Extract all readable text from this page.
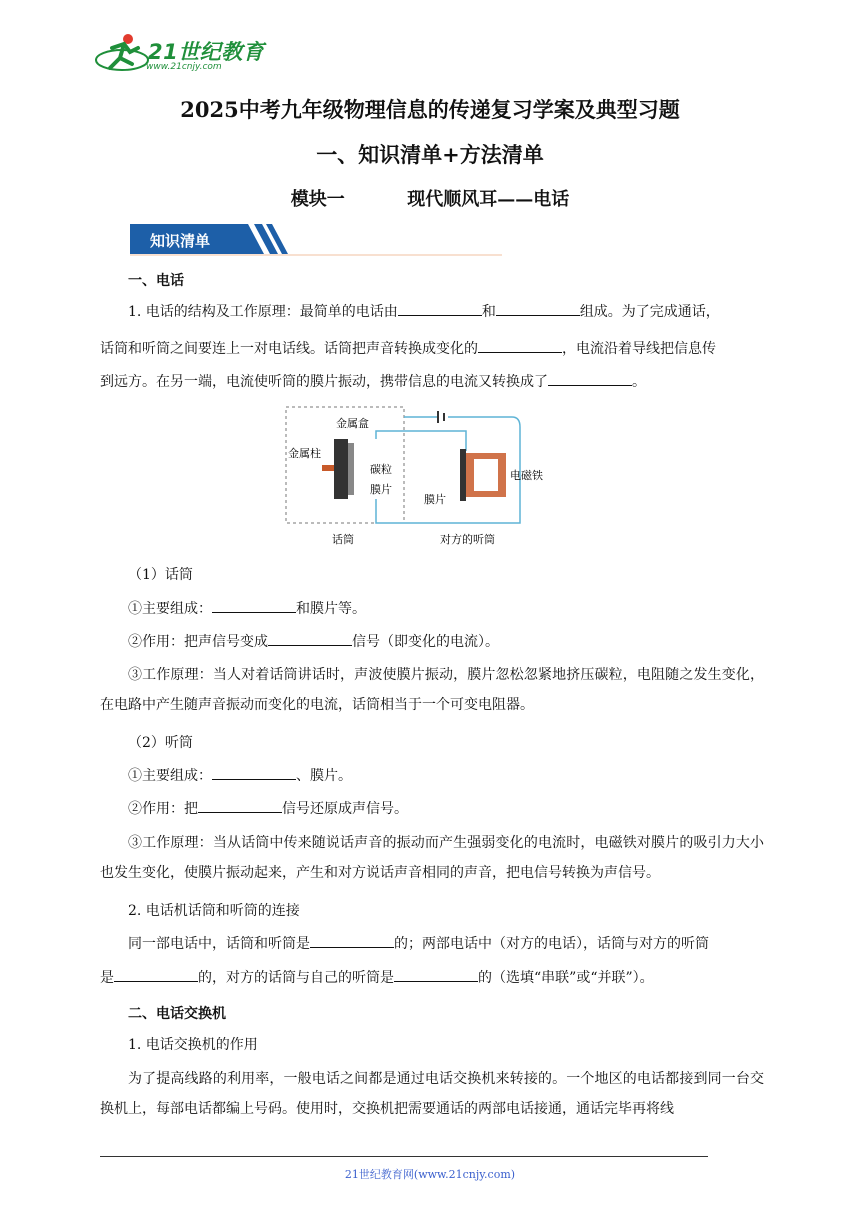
21世纪教育
www.21cnjy.com
2025中考九年级物理信息的传递复习学案及典型习题
一、知识清单+方法清单
模块一	现代顺风耳——电话
知识清单
一、电话
1. 电话的结构及工作原理：最简单的电话由	和	组成。为了完成通话，
话筒和听筒之间要连上一对电话线。话筒把声音转换成变化的	，电流沿着导线把信息传
到远方。在另一端，电流使听筒的膜片振动，携带信息的电流又转换成了	。
金属盒
金属柱
碳粒
膜片
电磁铁
膜片
话筒	对方的听筒
（1）话筒
①主要组成：	和膜片等。
②作用：把声信号变成	信号（即变化的电流）。
③工作原理：当人对着话筒讲话时，声波使膜片振动，膜片忽松忽紧地挤压碳粒，电阻随之发生变化，在电路中产生随声音振动而变化的电流，话筒相当于一个可变电阻器。
（2）听筒
①主要组成：	、膜片。
②作用：把	信号还原成声信号。
③工作原理：当从话筒中传来随说话声音的振动而产生强弱变化的电流时，电磁铁对膜片的吸引力大小也发生变化，使膜片振动起来，产生和对方说话声音相同的声音，把电信号转换为声信号。
2. 电话机话筒和听筒的连接
同一部电话中，话筒和听筒是	的；两部电话中（对方的电话），话筒与对方的听筒
是	的，对方的话筒与自己的听筒是	的（选填“串联”或“并联”）。
二、电话交换机
1. 电话交换机的作用
为了提高线路的利用率，一般电话之间都是通过电话交换机来转接的。一个地区的电话都接到同一台交换机上，每部电话都编上号码。使用时，交换机把需要通话的两部电话接通，通话完毕再将线
21世纪教育网(www.21cnjy.com)
